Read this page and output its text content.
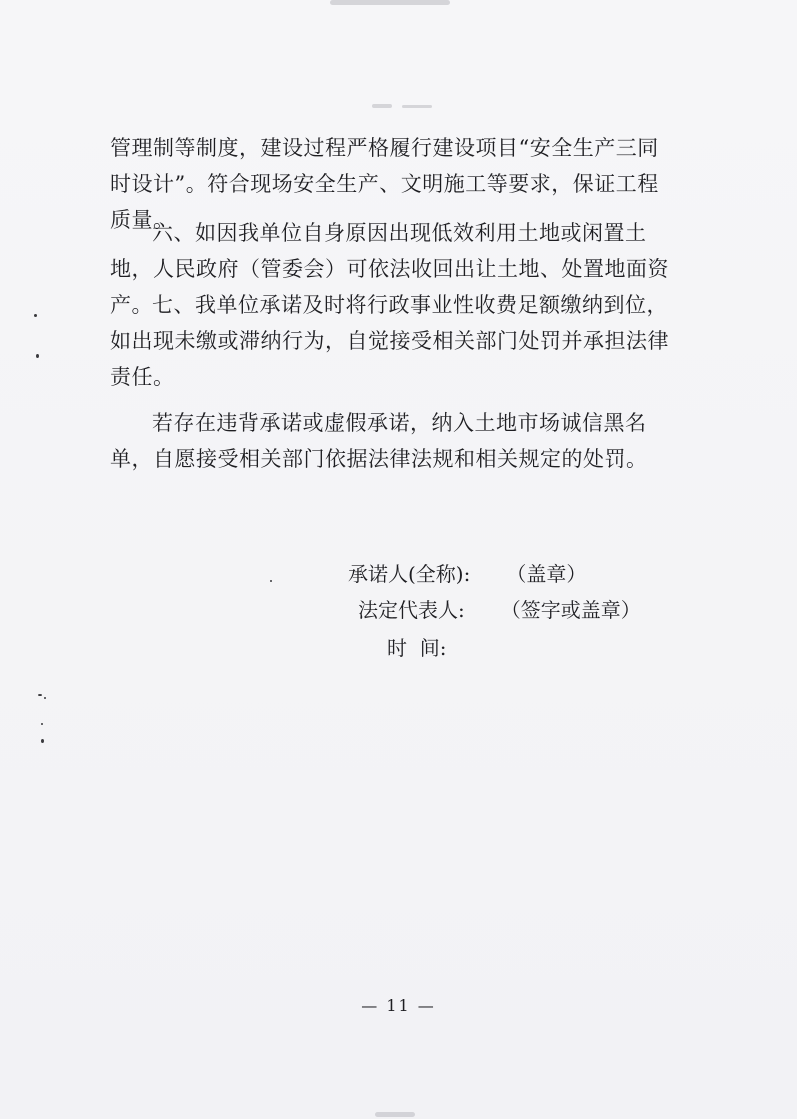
管理制等制度，建设过程严格履行建设项目“安全生产三同时设计”。符合现场安全生产、文明施工等要求，保证工程质量。

六、如因我单位自身原因出现低效利用土地或闲置土地，人民政府（管委会）可依法收回出让土地、处置地面资产。 七、我单位承诺及时将行政事业性收费足额缴纳到位，如出现未缴或滞纳行为，自觉接受相关部门处罚并承担法律责任。

若存在违背承诺或虚假承诺，纳入土地市场诚信黑名单，自愿接受相关部门依据法律法规和相关规定的处罚。

承诺人(全称): （盖章）
法定代表人: （签字或盖章）
时  间:
— 11 —
